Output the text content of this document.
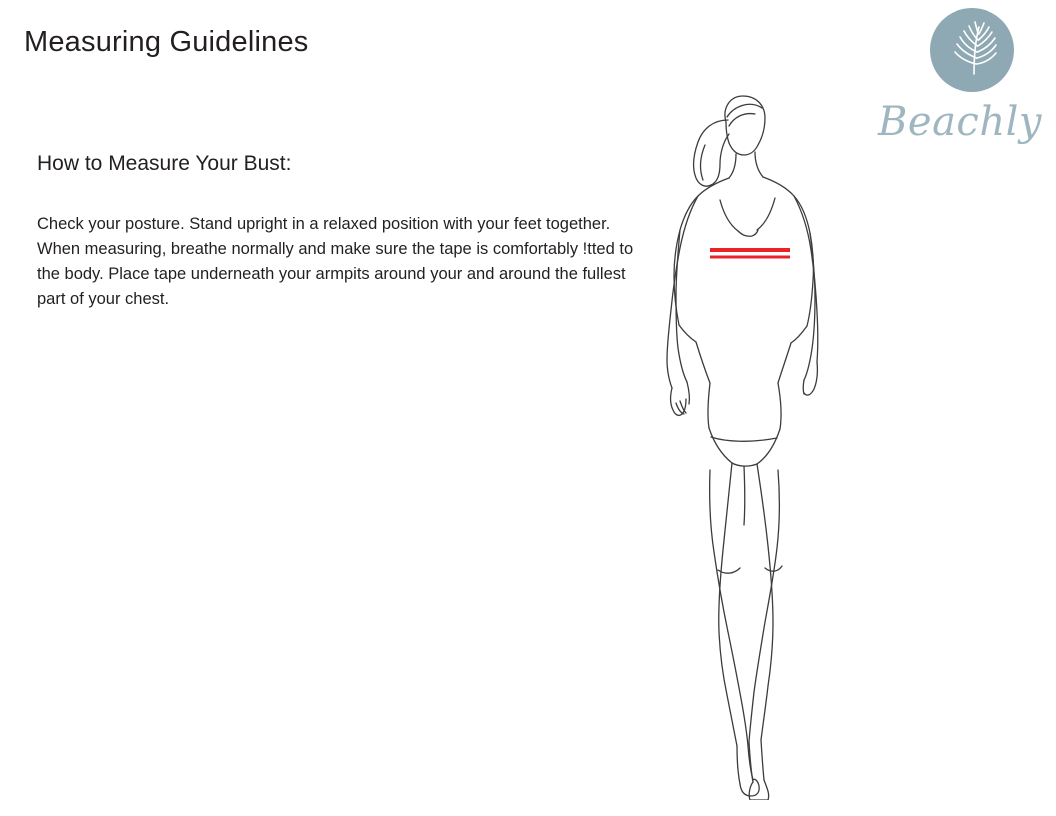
Measuring Guidelines
How to Measure Your Bust:
Check your posture. Stand upright in a relaxed position with your feet together. When measuring, breathe normally and make sure the tape is comfortably !tted to the body. Place tape underneath your armpits around your and around the fullest part of your chest.
Beachly
